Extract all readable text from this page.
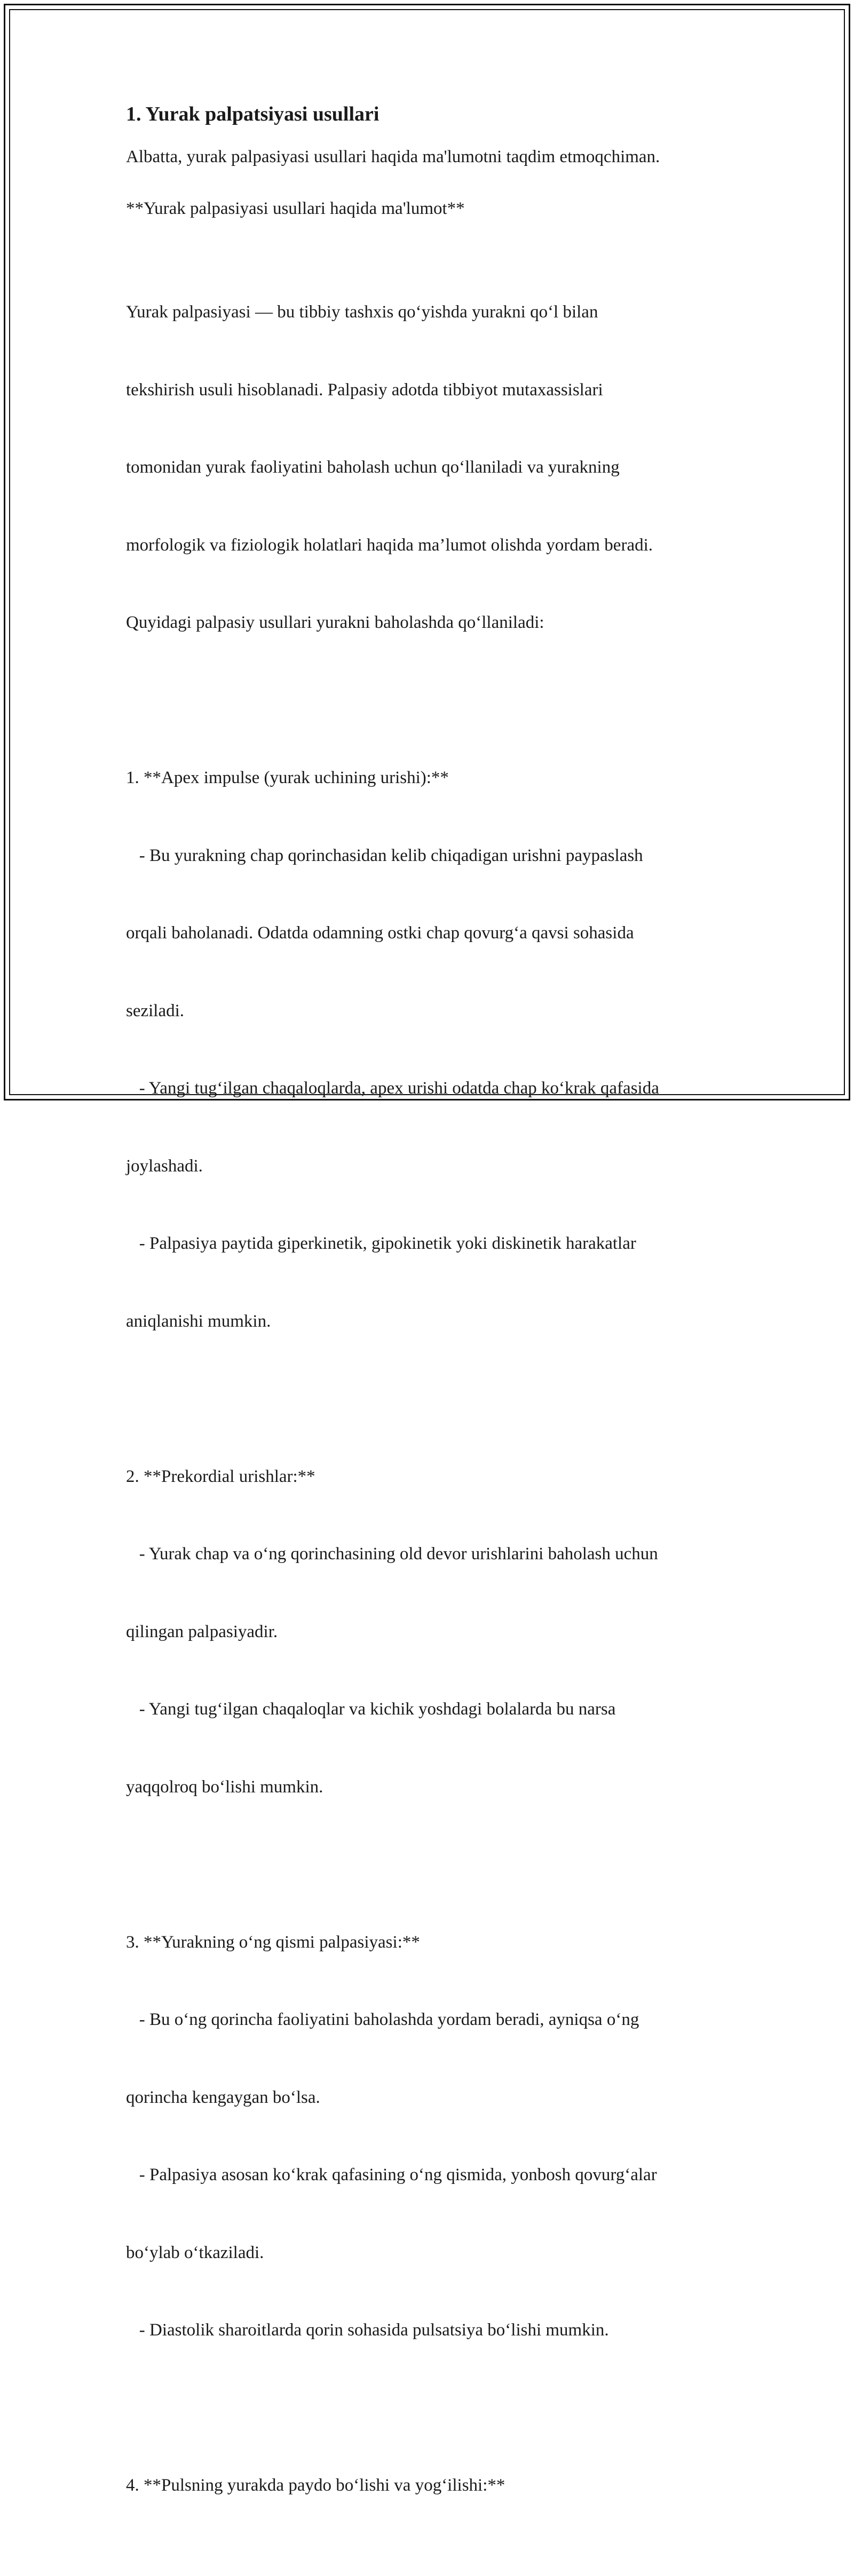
1. Yurak palpatsiyasi usullari

Albatta, yurak palpasiyasi usullari haqida ma'lumotni taqdim etmoqchiman.

**Yurak palpasiyasi usullari haqida ma'lumot**

Yurak palpasiyasi — bu tibbiy tashxis qo‘yishda yurakni qo‘l bilan

tekshirish usuli hisoblanadi. Palpasiy adotda tibbiyot mutaxassislari

tomonidan yurak faoliyatini baholash uchun qo‘llaniladi va yurakning

morfologik va fiziologik holatlari haqida ma’lumot olishda yordam beradi.

Quyidagi palpasiy usullari yurakni baholashda qo‘llaniladi:

1. **Apex impulse (yurak uchining urishi):**

- Bu yurakning chap qorinchasidan kelib chiqadigan urishni paypaslash

orqali baholanadi. Odatda odamning ostki chap qovurg‘a qavsi sohasida

seziladi.

- Yangi tug‘ilgan chaqaloqlarda, apex urishi odatda chap ko‘krak qafasida

joylashadi.

- Palpasiya paytida giperkinetik, gipokinetik yoki diskinetik harakatlar

aniqlanishi mumkin.

2. **Prekordial urishlar:**

- Yurak chap va o‘ng qorinchasining old devor urishlarini baholash uchun

qilingan palpasiyadir.

- Yangi tug‘ilgan chaqaloqlar va kichik yoshdagi bolalarda bu narsa

yaqqolroq bo‘lishi mumkin.

3. **Yurakning o‘ng qismi palpasiyasi:**

- Bu o‘ng qorincha faoliyatini baholashda yordam beradi, ayniqsa o‘ng

qorincha kengaygan bo‘lsa.

- Palpasiya asosan ko‘krak qafasining o‘ng qismida, yonbosh qovurg‘alar

bo‘ylab o‘tkaziladi.

- Diastolik sharoitlarda qorin sohasida pulsatsiya bo‘lishi mumkin.

4. **Pulsning yurakda paydo bo‘lishi va yog‘ilishi:**
